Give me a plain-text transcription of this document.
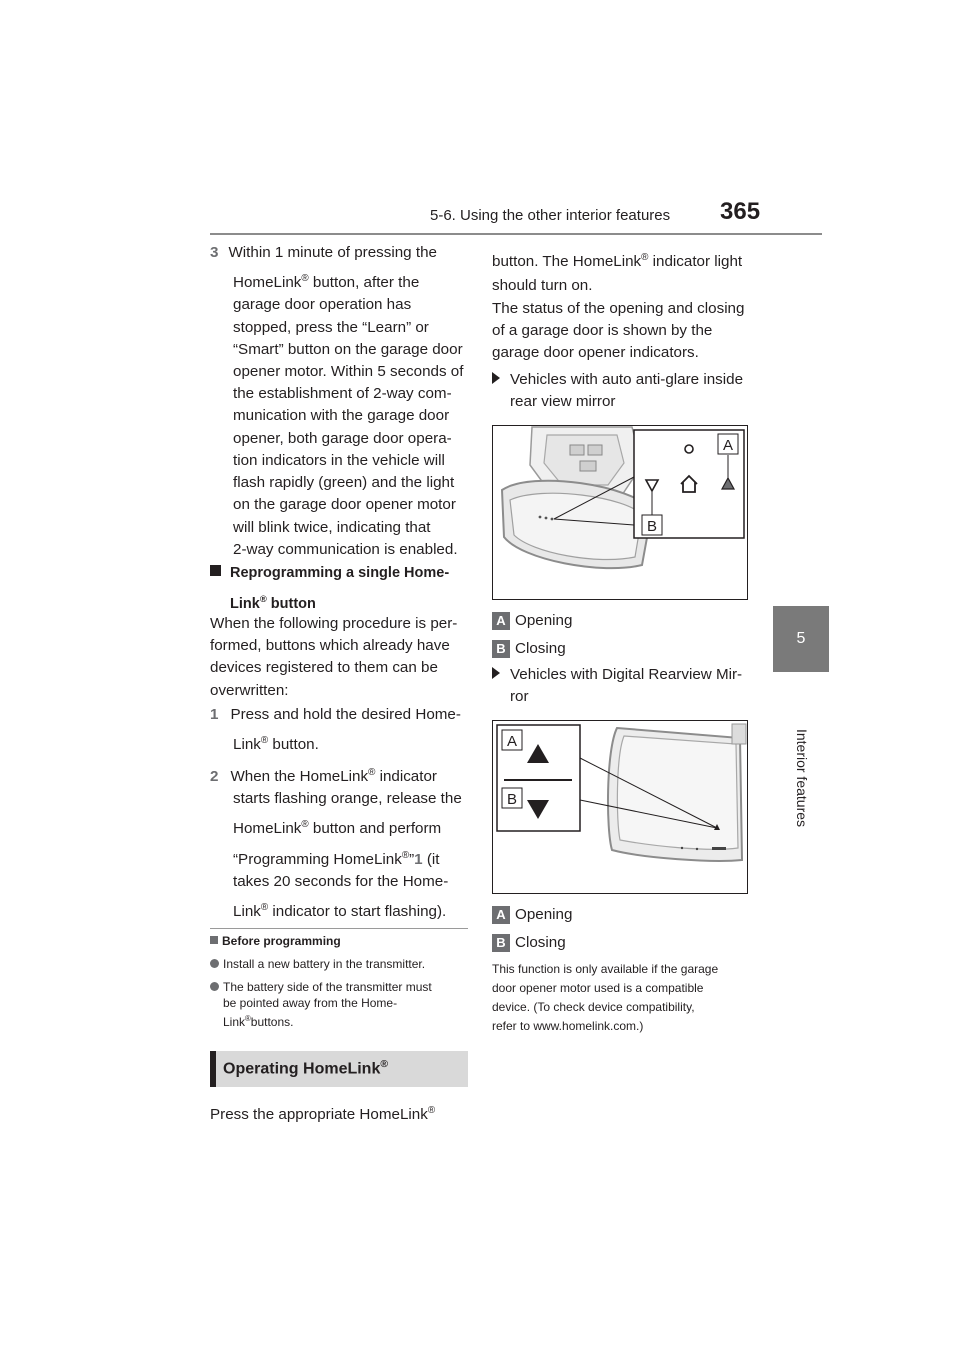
5-6. Using the other interior features 365
5
Interior features
3 Within 1 minute of pressing the
HomeLink® button, after the
garage door operation has
stopped, press the “Learn” or
“Smart” button on the garage door
opener motor. Within 5 seconds of
the establishment of 2-way com-
munication with the garage door
opener, both garage door opera-
tion indicators in the vehicle will
flash rapidly (green) and the light
on the garage door opener motor
will blink twice, indicating that
2-way communication is enabled.
Reprogramming a single Home-
Link® button
When the following procedure is per-
formed, buttons which already have
devices registered to them can be
overwritten:
1 Press and hold the desired Home-
Link® button.
2 When the HomeLink® indicator
starts flashing orange, release the
HomeLink® button and perform
“Programming HomeLink®”1 (it
takes 20 seconds for the Home-
Link® indicator to start flashing).
Before programming
Install a new battery in the transmitter.
The battery side of the transmitter must
be pointed away from the Home-
Link®buttons.
Operating HomeLink®
Press the appropriate HomeLink®
button. The HomeLink® indicator light
should turn on.
The status of the opening and closing
of a garage door is shown by the
garage door opener indicators.
Vehicles with auto anti-glare inside
rear view mirror
A
B
A Opening
B Closing
Vehicles with Digital Rearview Mir-
ror
A
B
A Opening
B Closing
This function is only available if the garage
door opener motor used is a compatible
device. (To check device compatibility,
refer to www.homelink.com.)
